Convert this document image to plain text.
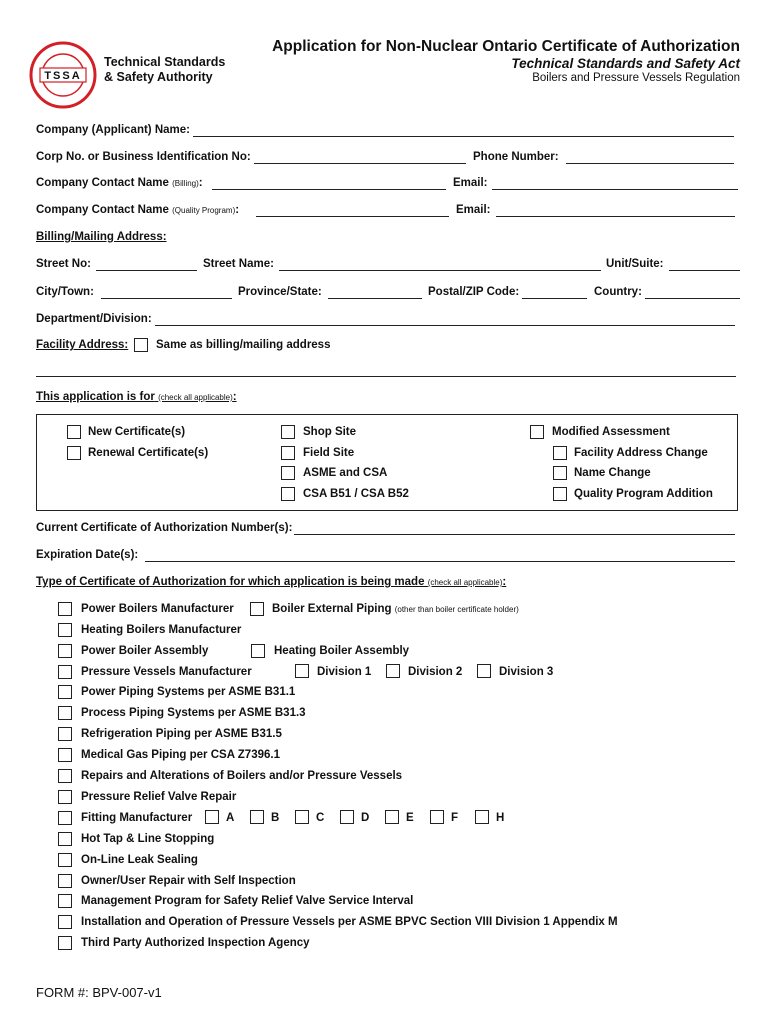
TSSA
Technical Standards
& Safety Authority
Application for Non-Nuclear Ontario Certificate of Authorization
Technical Standards and Safety Act
Boilers and Pressure Vessels Regulation
Company (Applicant) Name:
Corp No. or Business Identification No:	Phone Number:
Company Contact Name (Billing):	Email:
Company Contact Name (Quality Program):	Email:
Billing/Mailing Address:
Street No:	Street Name:	Unit/Suite:
City/Town:	Province/State:	Postal/ZIP Code:	Country:
Department/Division:
Facility Address: Same as billing/mailing address
This application is for (check all applicable):
New Certificate(s)
Renewal Certificate(s)
Shop Site
Field Site
ASME and CSA
CSA B51 / CSA B52
Modified Assessment
Facility Address Change
Name Change
Quality Program Addition
Current Certificate of Authorization Number(s):
Expiration Date(s):
Type of Certificate of Authorization for which application is being made (check all applicable):
Power Boilers Manufacturer	Boiler External Piping (other than boiler certificate holder)
Heating Boilers Manufacturer
Power Boiler Assembly	Heating Boiler Assembly
Pressure Vessels Manufacturer	Division 1	Division 2	Division 3
Power Piping Systems per ASME B31.1
Process Piping Systems per ASME B31.3
Refrigeration Piping per ASME B31.5
Medical Gas Piping per CSA Z7396.1
Repairs and Alterations of Boilers and/or Pressure Vessels
Pressure Relief Valve Repair
Fitting Manufacturer	A	B	C	D	E	F	H
Hot Tap & Line Stopping
On-Line Leak Sealing
Owner/User Repair with Self Inspection
Management Program for Safety Relief Valve Service Interval
Installation and Operation of Pressure Vessels per ASME BPVC Section VIII Division 1 Appendix M
Third Party Authorized Inspection Agency
FORM #: BPV-007-v1
